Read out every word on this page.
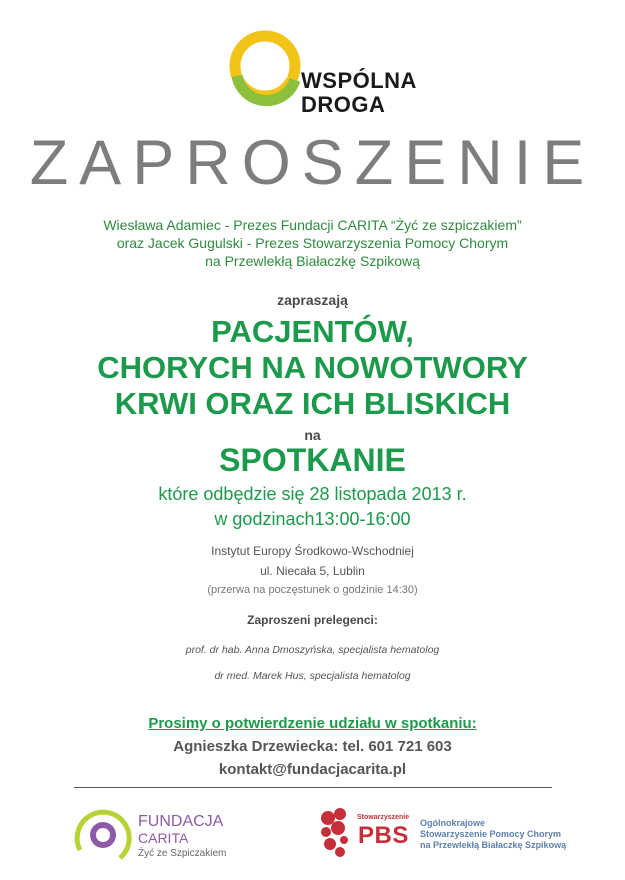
WSPÓLNA
DROGA
ZAPROSZENIE
Wiesława Adamiec - Prezes Fundacji CARITA “Żyć ze szpiczakiem”
oraz Jacek Gugulski - Prezes Stowarzyszenia Pomocy Chorym
na Przewlekłą Białaczkę Szpikową
zapraszają
PACJENTÓW,
CHORYCH NA NOWOTWORY
KRWI ORAZ ICH BLISKICH
na
SPOTKANIE
które odbędzie się 28 listopada 2013 r.
w godzinach13:00-16:00
Instytut Europy Środkowo-Wschodniej
ul. Niecała 5, Lublin
(przerwa na poczęstunek o godzinie 14:30)
Zaproszeni prelegenci:
prof. dr hab. Anna Dmoszyńska, specjalista hematolog
dr med. Marek Hus, specjalista hematolog
Prosimy o potwierdzenie udziału w spotkaniu:
Agnieszka Drzewiecka: tel. 601 721 603
kontakt@fundacjacarita.pl
FUNDACJA
CARITA
Żyć ze Szpiczakiem
Stowarzyszenie
PBS Ogólnokrajowe
Stowarzyszenie Pomocy Chorym
na Przewlekłą Białaczkę Szpikową
